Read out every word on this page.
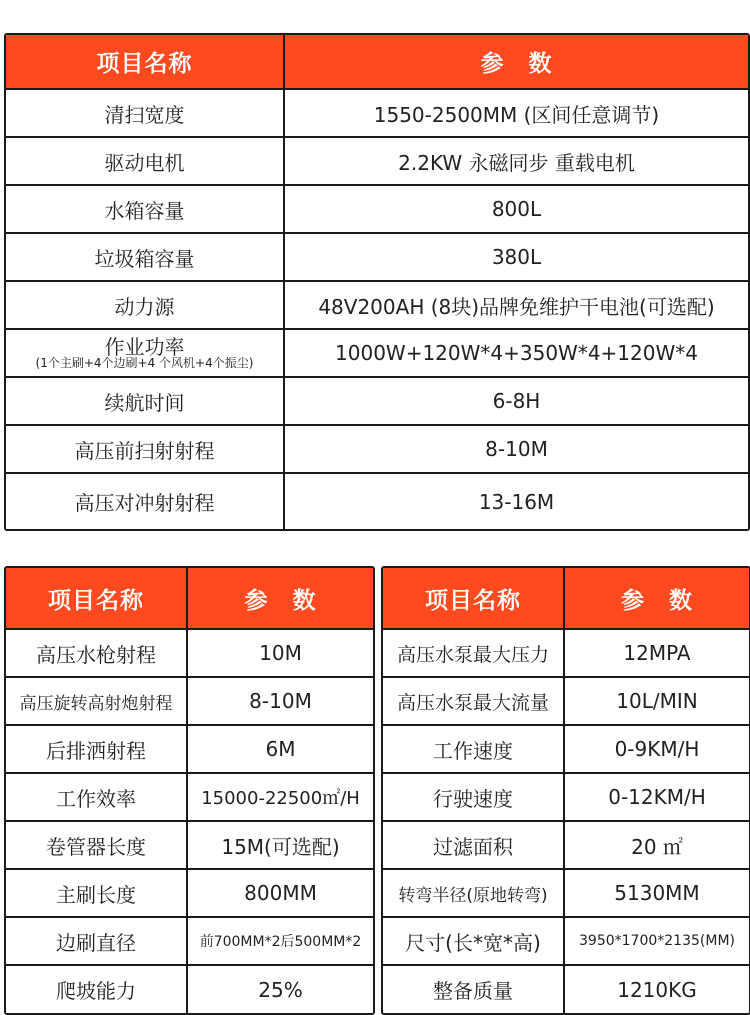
项目名称	参　数
清扫宽度	1550-2500MM (区间任意调节)
驱动电机	2.2KW 永磁同步 重载电机
水箱容量	800L
垃圾箱容量	380L
动力源	48V200AH (8块)品牌免维护干电池(可选配)

作业功率
(1个主刷+4个边刷+4 个风机+4个振尘)	1000W+120W*4+350W*4+120W*4
续航时间	6-8H
高压前扫射射程	8-10M
高压对冲射射程	13-16M
项目名称	参　数
高压水枪射程	10M
高压旋转高射炮射程	8-10M
后排洒射程	6M
工作效率	15000-22500㎡/H
卷管器长度	15M(可选配)
主刷长度	800MM
边刷直径	前700MM*2后500MM*2
爬坡能力	25%
项目名称	参　数
高压水泵最大压力	12MPA
高压水泵最大流量	10L/MIN
工作速度	0-9KM/H
行驶速度	0-12KM/H
过滤面积	20 ㎡
转弯半径(原地转弯)	5130MM
尺寸(长*宽*高)	3950*1700*2135(MM)
整备质量	1210KG
